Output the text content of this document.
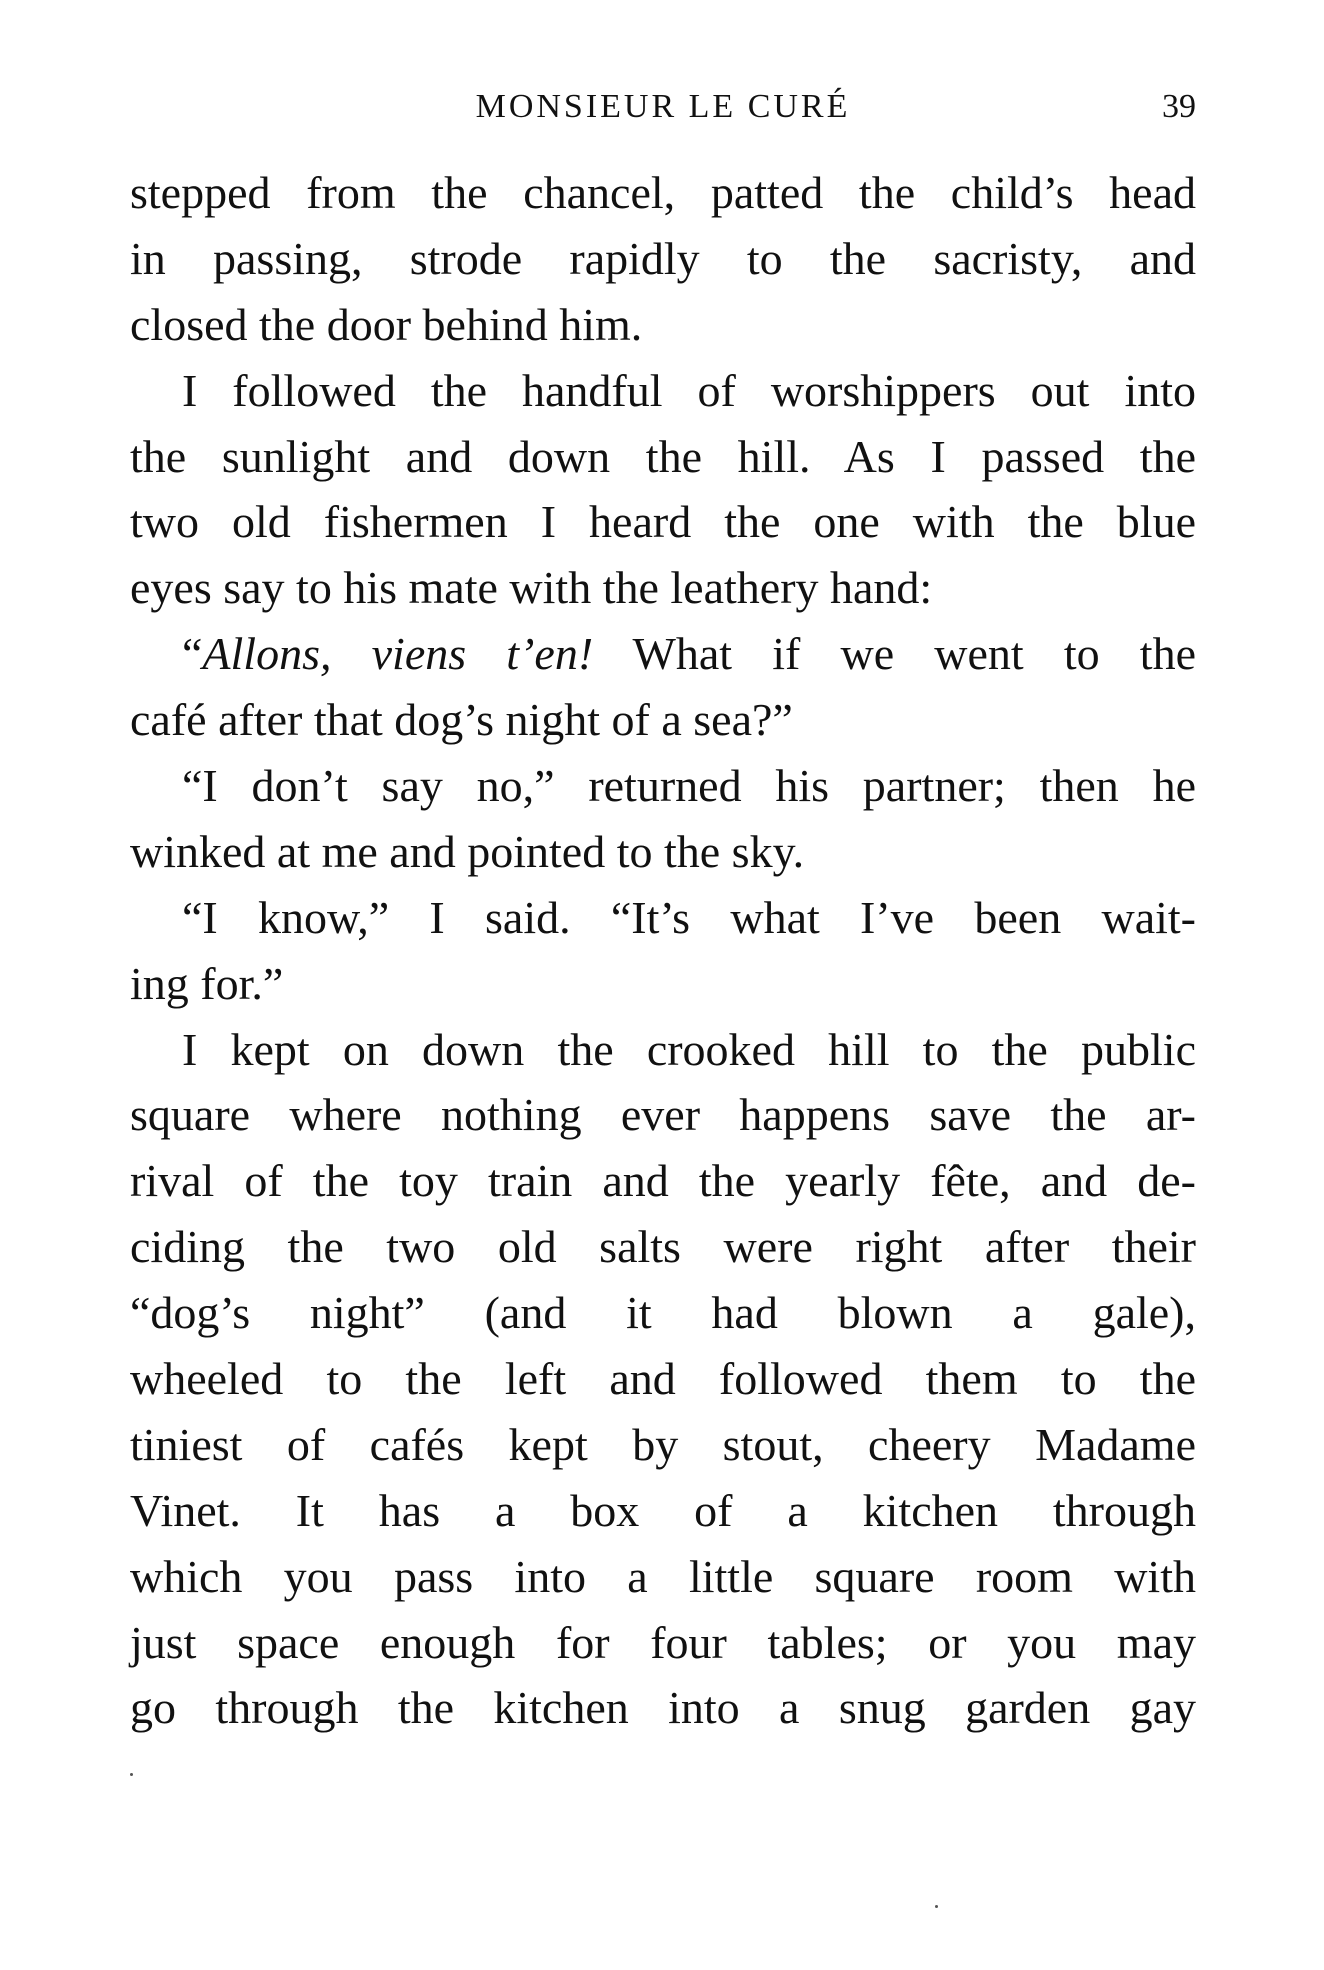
MONSIEUR LE CURÉ	39
stepped from the chancel, patted the child’s head
in passing, strode rapidly to the sacristy, and
closed the door behind him.
I followed the handful of worshippers out into
the sunlight and down the hill. As I passed the
two old fishermen I heard the one with the blue
eyes say to his mate with the leathery hand:
“Allons, viens t’en! What if we went to the
café after that dog’s night of a sea?”
“I don’t say no,” returned his partner; then he
winked at me and pointed to the sky.
“I know,” I said. “It’s what I’ve been wait-
ing for.”
I kept on down the crooked hill to the public
square where nothing ever happens save the ar-
rival of the toy train and the yearly fête, and de-
ciding the two old salts were right after their
“dog’s night” (and it had blown a gale),
wheeled to the left and followed them to the
tiniest of cafés kept by stout, cheery Madame
Vinet. It has a box of a kitchen through
which you pass into a little square room with
just space enough for four tables; or you may
go through the kitchen into a snug garden gay
